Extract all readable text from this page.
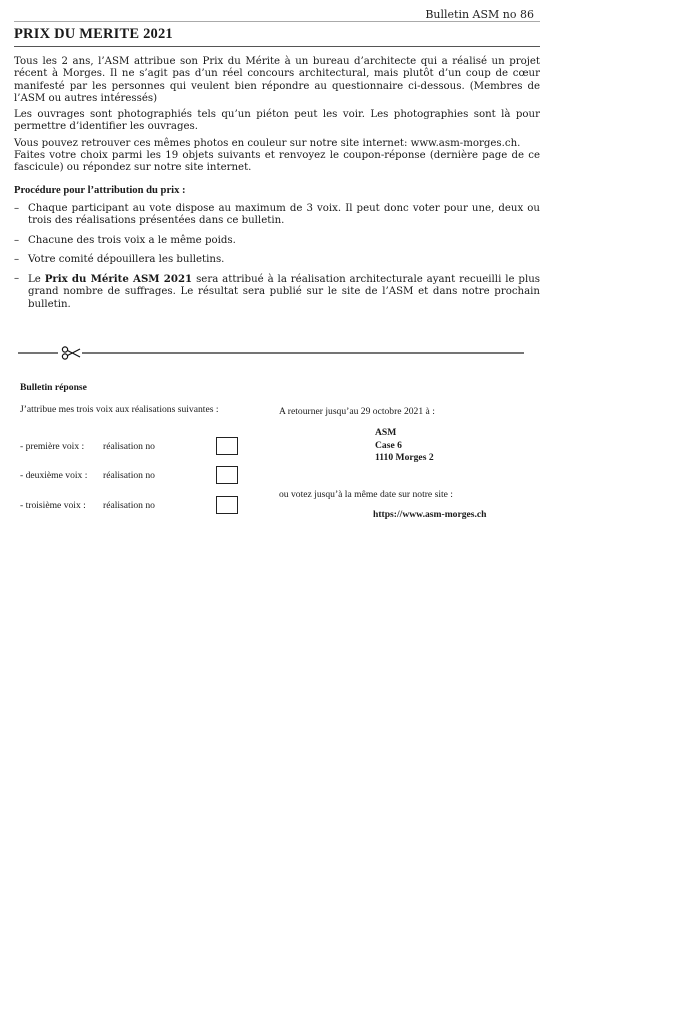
Bulletin ASM no 86
PRIX DU MERITE 2021

Tous les 2 ans, l’ASM attribue son Prix du Mérite à un bureau d’architecte qui a réalisé un projet récent à Morges. Il ne s’agit pas d’un réel concours architectural, mais plutôt d’un coup de cœur manifesté par les personnes qui veulent bien répondre au questionnaire ci-dessous. (Membres de l’ASM ou autres intéressés)

Les ouvrages sont photographiés tels qu’un piéton peut les voir. Les photographies sont là pour permettre d’identifier les ouvrages.

Vous pouvez retrouver ces mêmes photos en couleur sur notre site internet: www.asm-morges.ch.

Faites votre choix parmi les 19 objets suivants et renvoyez le coupon-réponse (dernière page de ce fascicule) ou répondez sur notre site internet.

Procédure pour l’attribution du prix :
– Chaque participant au vote dispose au maximum de 3 voix. Il peut donc voter pour une, deux ou trois des réalisations présentées dans ce bulletin.
– Chacune des trois voix a le même poids.
– Votre comité dépouillera les bulletins.
– Le Prix du Mérite ASM 2021 sera attribué à la réalisation architecturale ayant recueilli le plus grand nombre de suffrages. Le résultat sera publié sur le site de l’ASM et dans notre prochain bulletin.
Bulletin réponse
J’attribue mes trois voix aux réalisations suivantes :
- première voix : réalisation no
- deuxième voix : réalisation no
- troisième voix : réalisation no
A retourner jusqu’au 29 octobre 2021 à :
ASM
Case 6
1110 Morges 2
ou votez jusqu’à la même date sur notre site :
https://www.asm-morges.ch
